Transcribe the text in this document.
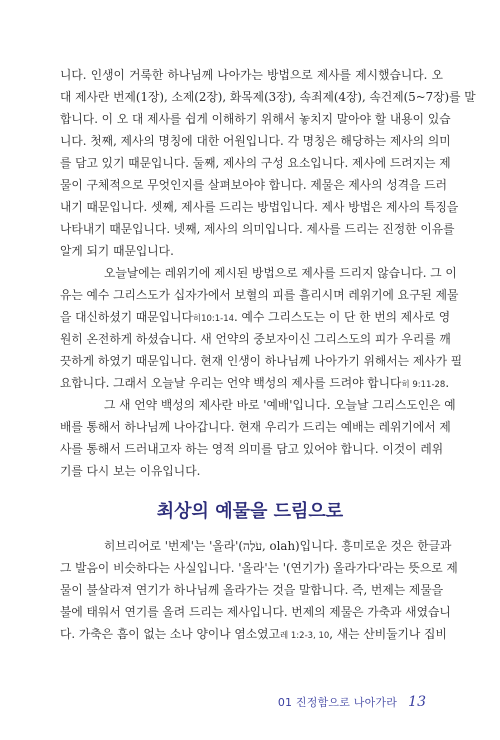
니다. 인생이 거룩한 하나님께 나아가는 방법으로 제사를 제시했습니다. 오
대 제사란 번제(1장), 소제(2장), 화목제(3장), 속죄제(4장), 속건제(5~7장)를 말
합니다. 이 오 대 제사를 쉽게 이해하기 위해서 놓치지 말아야 할 내용이 있습
니다. 첫째, 제사의 명칭에 대한 어원입니다. 각 명칭은 해당하는 제사의 의미
를 담고 있기 때문입니다. 둘째, 제사의 구성 요소입니다. 제사에 드려지는 제
물이 구체적으로 무엇인지를 살펴보아야 합니다. 제물은 제사의 성격을 드러
내기 때문입니다. 셋째, 제사를 드리는 방법입니다. 제사 방법은 제사의 특징을
나타내기 때문입니다. 넷째, 제사의 의미입니다. 제사를 드리는 진정한 이유를
알게 되기 때문입니다.
오늘날에는 레위기에 제시된 방법으로 제사를 드리지 않습니다. 그 이
유는 예수 그리스도가 십자가에서 보혈의 피를 흘리시며 레위기에 요구된 제물
을 대신하셨기 때문입니다히10:1-14. 예수 그리스도는 이 단 한 번의 제사로 영
원히 온전하게 하셨습니다. 새 언약의 중보자이신 그리스도의 피가 우리를 깨
끗하게 하였기 때문입니다. 현재 인생이 하나님께 나아가기 위해서는 제사가 필
요합니다. 그래서 오늘날 우리는 언약 백성의 제사를 드려야 합니다히 9:11-28.
그 새 언약 백성의 제사란 바로 '예배'입니다. 오늘날 그리스도인은 예
배를 통해서 하나님께 나아갑니다. 현재 우리가 드리는 예배는 레위기에서 제
사를 통해서 드러내고자 하는 영적 의미를 담고 있어야 합니다. 이것이 레위
기를 다시 보는 이유입니다.
최상의 예물을 드림으로
히브리어로 '번제'는 '올라'(עֹלָה, olah)입니다. 흥미로운 것은 한글과
그 발음이 비슷하다는 사실입니다. '올라'는 '(연기가) 올라가다'라는 뜻으로 제
물이 불살라져 연기가 하나님께 올라가는 것을 말합니다. 즉, 번제는 제물을
불에 태워서 연기를 올려 드리는 제사입니다. 번제의 제물은 가축과 새였습니
다. 가축은 흠이 없는 소나 양이나 염소였고레 1:2-3, 10, 새는 산비둘기나 집비
01 진정함으로 나아가라 13
